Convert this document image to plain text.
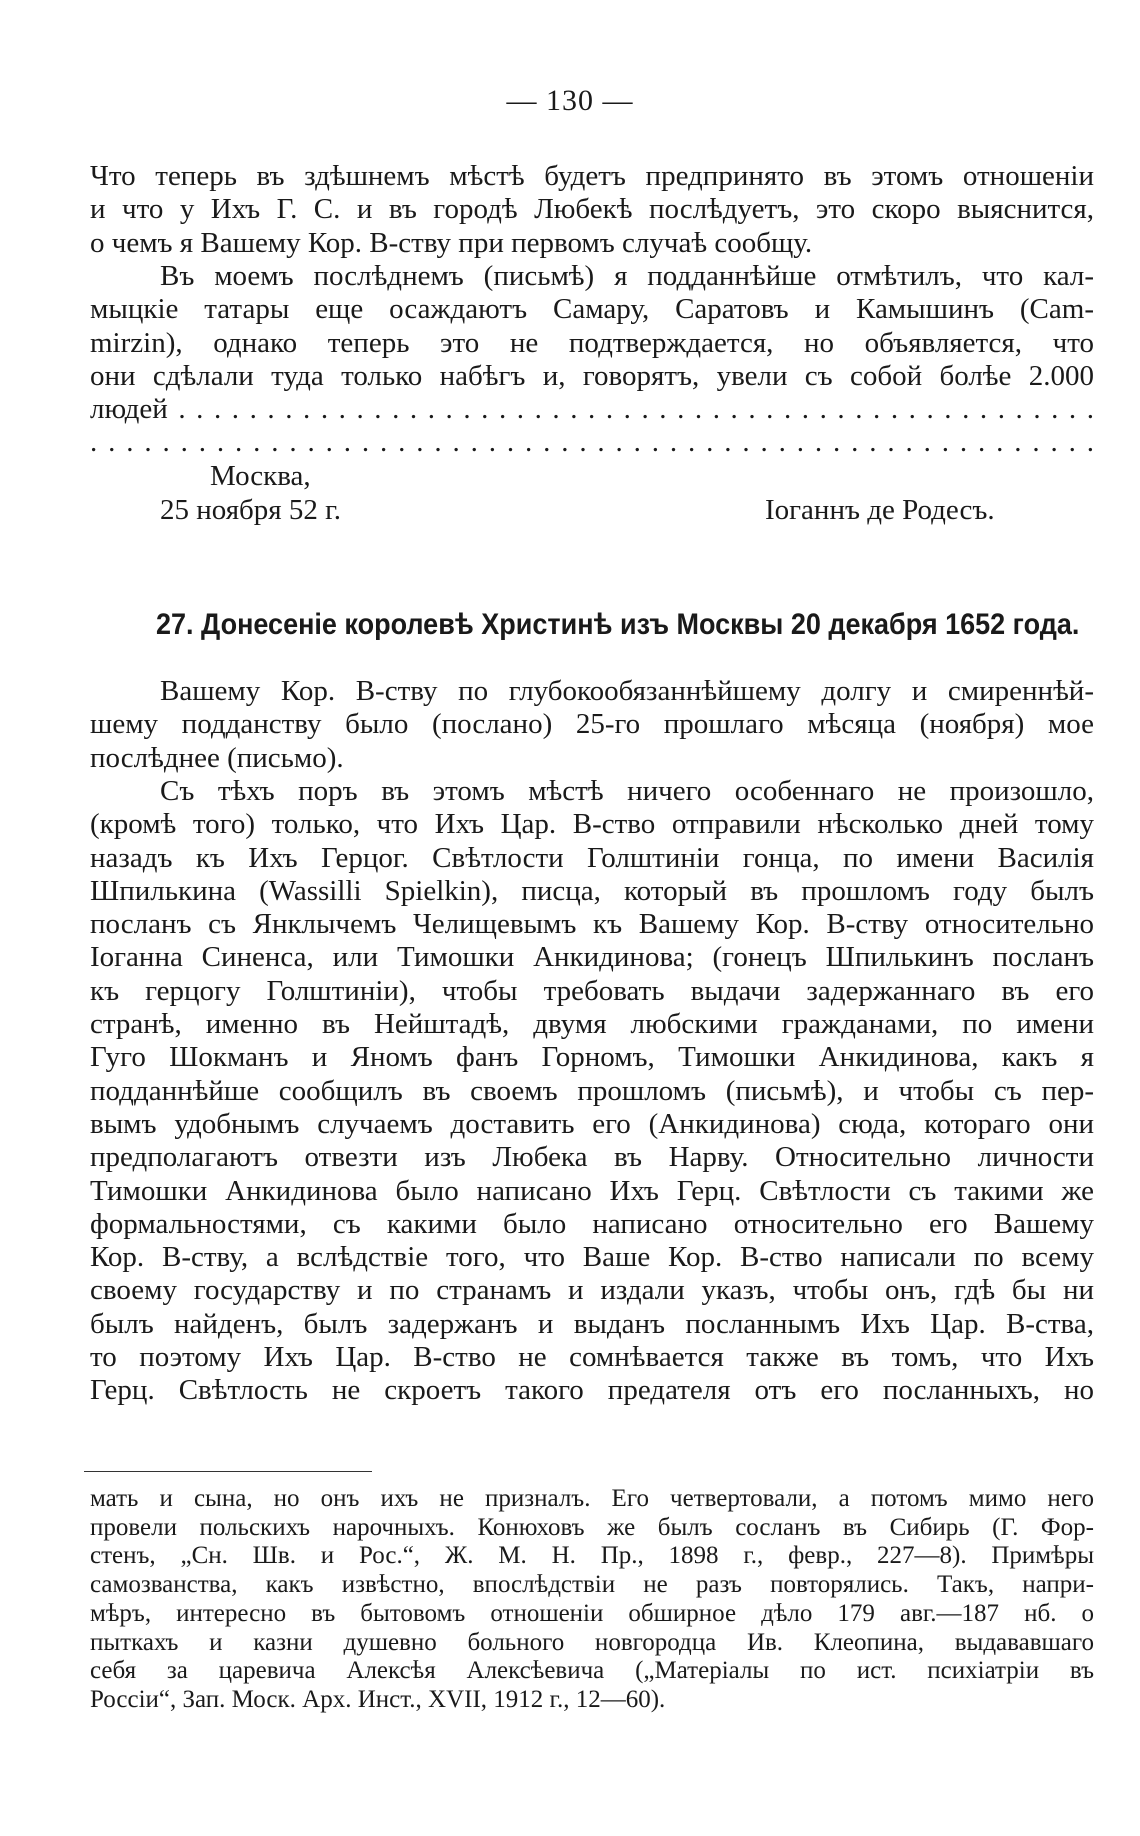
— 130 —
Что теперь въ здѣшнемъ мѣстѣ будетъ предпринято въ этомъ отношеніи
и что у Ихъ Г. С. и въ городѣ Любекѣ послѣдуетъ, это скоро выяснится,
о чемъ я Вашему Кор. В-ству при первомъ случаѣ сообщу.
Въ моемъ послѣднемъ (письмѣ) я подданнѣйше отмѣтилъ, что кал-
мыцкіе татары еще осаждаютъ Самару, Саратовъ и Камышинъ (Cam-
mirzin), однако теперь это не подтверждается, но объявляется, что
они сдѣлали туда только набѣгъ и, говорятъ, увели съ собой болѣе 2.000
людей . . . . . . . . . . . . . . . . . . . . . . . . . . . . . . . . . . . . . . . . . . . . . . . . . . . .
. . . . . . . . . . . . . . . . . . . . . . . . . . . . . . . . . . . . . . . . . . . . . . . . . . . . . . . .
Москва,
25 ноября 52 г.	Іоганнъ де Родесъ.
27. Донесеніе королевѣ Христинѣ изъ Москвы 20 декабря 1652 года.
Вашему Кор. В-ству по глубокообязаннѣйшему долгу и смиреннѣй-
шему подданству было (послано) 25-го прошлаго мѣсяца (ноября) мое
послѣднее (письмо).
Съ тѣхъ поръ въ этомъ мѣстѣ ничего особеннаго не произошло,
(кромѣ того) только, что Ихъ Цар. В-ство отправили нѣсколько дней тому
назадъ къ Ихъ Герцог. Свѣтлости Голштиніи гонца, по имени Василія
Шпилькина (Wassilli Spielkin), писца, который въ прошломъ году былъ
посланъ съ Янклычемъ Челищевымъ къ Вашему Кор. В-ству относительно
Іоганна Синенса, или Тимошки Анкидинова; (гонецъ Шпилькинъ посланъ
къ герцогу Голштиніи), чтобы требовать выдачи задержаннаго въ его
странѣ, именно въ Нейштадѣ, двумя любскими гражданами, по имени
Гуго Шокманъ и Яномъ фанъ Горномъ, Тимошки Анкидинова, какъ я
подданнѣйше сообщилъ въ своемъ прошломъ (письмѣ), и чтобы съ пер-
вымъ удобнымъ случаемъ доставить его (Анкидинова) сюда, котораго они
предполагаютъ отвезти изъ Любека въ Нарву. Относительно личности
Тимошки Анкидинова было написано Ихъ Герц. Свѣтлости съ такими же
формальностями, съ какими было написано относительно его Вашему
Кор. В-ству, а вслѣдствіе того, что Ваше Кор. В-ство написали по всему
своему государству и по странамъ и издали указъ, чтобы онъ, гдѣ бы ни
былъ найденъ, былъ задержанъ и выданъ посланнымъ Ихъ Цар. В-ства,
то поэтому Ихъ Цар. В-ство не сомнѣвается также въ томъ, что Ихъ
Герц. Свѣтлость не скроетъ такого предателя отъ его посланныхъ, но
мать и сына, но онъ ихъ не призналъ. Его четвертовали, а потомъ мимо него
провели польскихъ нарочныхъ. Конюховъ же былъ сосланъ въ Сибирь (Г. Фор-
стенъ, „Сн. Шв. и Рос.“, Ж. М. Н. Пр., 1898 г., февр., 227—8). Примѣры
самозванства, какъ извѣстно, впослѣдствіи не разъ повторялись. Такъ, напри-
мѣръ, интересно въ бытовомъ отношеніи обширное дѣло 179 авг.—187 нб. о
пыткахъ и казни душевно больного новгородца Ив. Клеопина, выдававшаго
себя за царевича Алексѣя Алексѣевича („Матеріалы по ист. психіатріи въ
Россіи“, Зап. Моск. Арх. Инст., XVII, 1912 г., 12—60).
